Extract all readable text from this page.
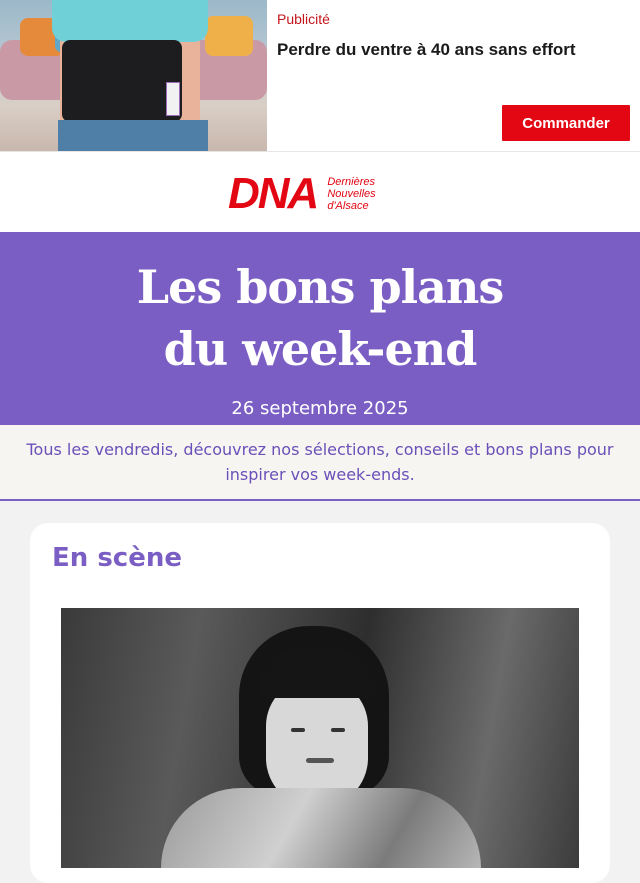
Publicité
Perdre du ventre à 40 ans sans effort
Commander
DNA Dernières
Nouvelles
d'Alsace
Les bons plans
du week-end
26 septembre 2025
Tous les vendredis, découvrez nos sélections, conseils et bons plans pour inspirer vos week-ends.
En scène
